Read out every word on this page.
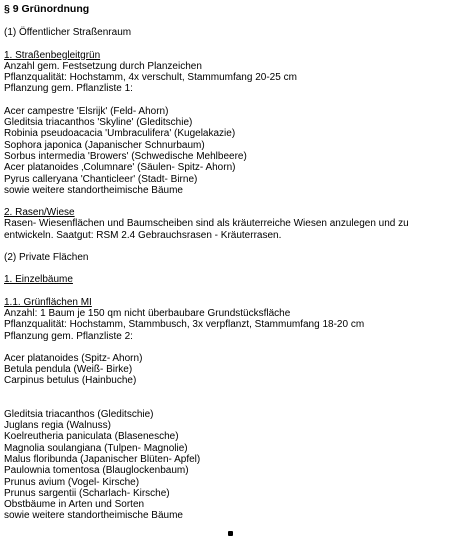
§ 9 Grünordnung
(1) Öffentlicher Straßenraum
1. Straßenbegleitgrün
Anzahl gem. Festsetzung durch Planzeichen
Pflanzqualität: Hochstamm, 4x verschult, Stammumfang 20-25 cm
Pflanzung gem. Pflanzliste 1:
Acer campestre 'Elsrijk' (Feld- Ahorn)
Gleditsia triacanthos 'Skyline' (Gleditschie)
Robinia pseudoacacia 'Umbraculifera' (Kugelakazie)
Sophora japonica (Japanischer Schnurbaum)
Sorbus intermedia 'Browers' (Schwedische Mehlbeere)
Acer platanoides ‚Columnare' (Säulen- Spitz- Ahorn)
Pyrus calleryana 'Chanticleer' (Stadt- Birne)
sowie weitere standortheimische Bäume
2. Rasen/Wiese
Rasen- Wiesenflächen und Baumscheiben sind als kräuterreiche Wiesen anzulegen und zu entwickeln. Saatgut: RSM 2.4 Gebrauchsrasen - Kräuterrasen.
(2) Private Flächen
1. Einzelbäume
1.1. Grünflächen MI
Anzahl: 1 Baum je 150 qm nicht überbaubare Grundstücksfläche
Pflanzqualität: Hochstamm, Stammbusch, 3x verpflanzt, Stammumfang 18-20 cm
Pflanzung gem. Pflanzliste 2:
Acer platanoides (Spitz- Ahorn)
Betula pendula (Weiß- Birke)
Carpinus betulus (Hainbuche)
Gleditsia triacanthos (Gleditschie)
Juglans regia (Walnuss)
Koelreutheria paniculata (Blasenesche)
Magnolia soulangiana (Tulpen- Magnolie)
Malus floribunda (Japanischer Blüten- Apfel)
Paulownia tomentosa (Blauglockenbaum)
Prunus avium (Vogel- Kirsche)
Prunus sargentii (Scharlach- Kirsche)
Obstbäume in Arten und Sorten
sowie weitere standortheimische Bäume
